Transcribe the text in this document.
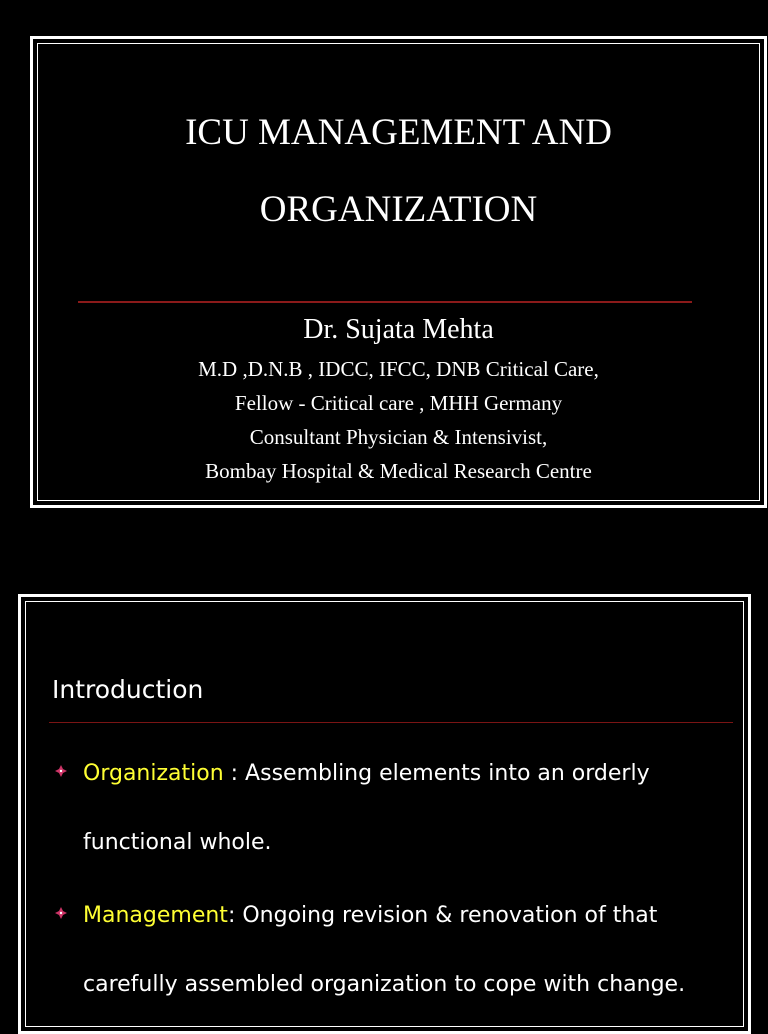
ICU MANAGEMENT AND
ORGANIZATION
Dr. Sujata Mehta
M.D ,D.N.B , IDCC, IFCC, DNB Critical Care,
Fellow - Critical care , MHH Germany
Consultant Physician & Intensivist,
Bombay Hospital & Medical Research Centre
Introduction
Organization : Assembling elements into an orderly
functional whole.
Management: Ongoing revision & renovation of that
carefully assembled organization to cope with change.
